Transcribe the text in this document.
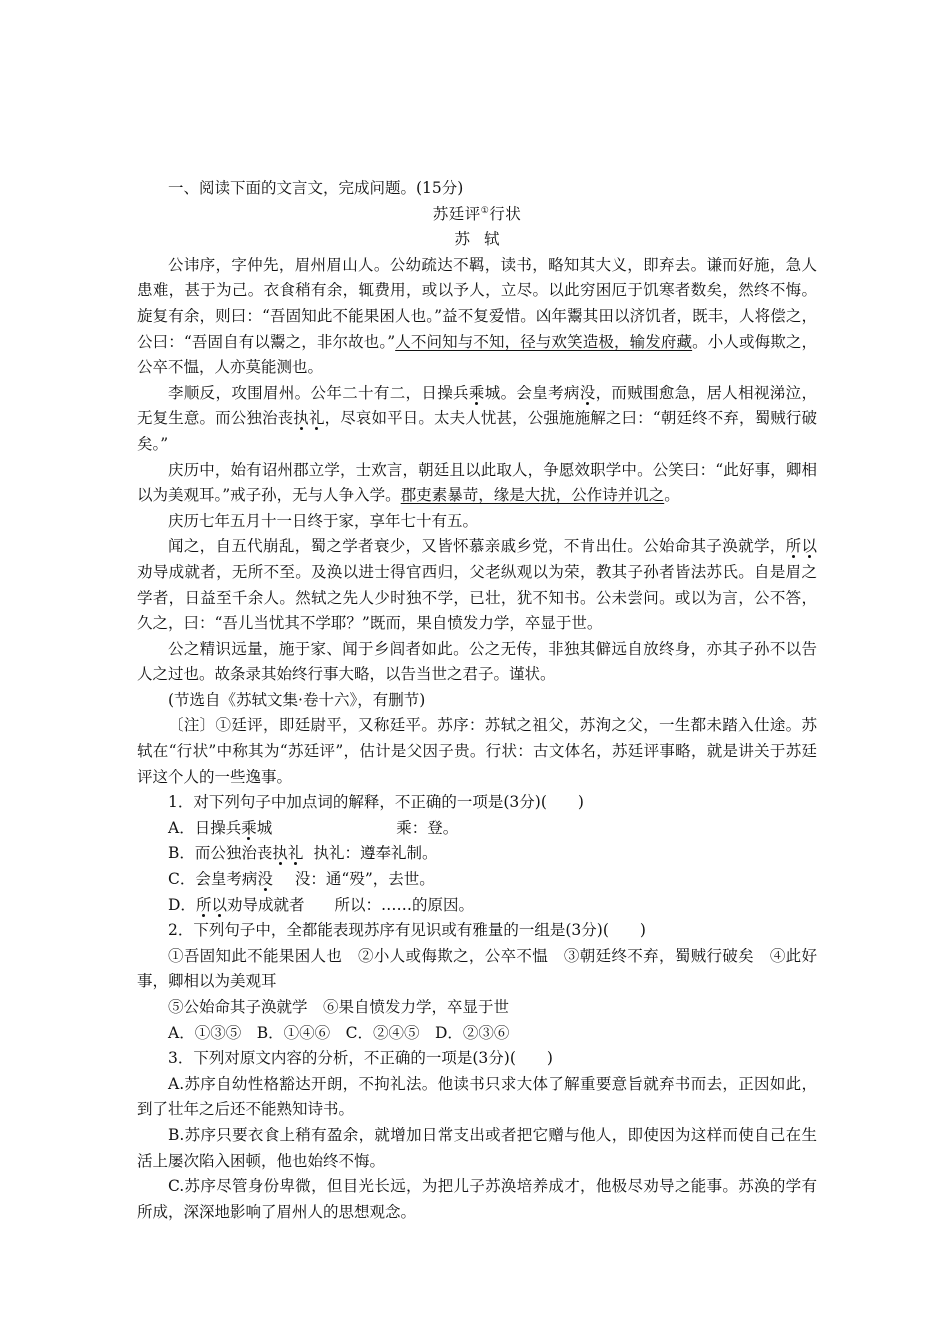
一、阅读下面的文言文，完成问题。(15分)

苏廷评①行状

苏轼

公讳序，字仲先，眉州眉山人。公幼疏达不羁，读书，略知其大义，即弃去。谦而好施，急人患难，甚于为己。衣食稍有余，辄费用，或以予人，立尽。以此穷困厄于饥寒者数矣，然终不悔。旋复有余，则曰：“吾固知此不能果困人也。”益不复爱惜。凶年鬻其田以济饥者，既丰，人将偿之，公曰：“吾固自有以鬻之，非尔故也。”人不问知与不知，径与欢笑造极，输发府藏。小人或侮欺之，公卒不愠，人亦莫能测也。

李顺反，攻围眉州。公年二十有二，日操兵乘城。会皇考病没，而贼围愈急，居人相视涕泣，无复生意。而公独治丧执礼，尽哀如平日。太夫人忧甚，公强施施解之曰：“朝廷终不弃，蜀贼行破矣。”

庆历中，始有诏州郡立学，士欢言，朝廷且以此取人，争愿效职学中。公笑曰：“此好事，卿相以为美观耳。”戒子孙，无与人争入学。郡吏素暴苛，缘是大扰，公作诗并讥之。

庆历七年五月十一日终于家，享年七十有五。

闻之，自五代崩乱，蜀之学者衰少，又皆怀慕亲戚乡党，不肯出仕。公始命其子涣就学，所以劝导成就者，无所不至。及涣以进士得官西归，父老纵观以为荣，教其子孙者皆法苏氏。自是眉之学者，日益至千余人。然轼之先人少时独不学，已壮，犹不知书。公未尝问。或以为言，公不答，久之，曰：“吾儿当忧其不学耶？”既而，果自愤发力学，卒显于世。

公之精识远量，施于家、闻于乡闾者如此。公之无传，非独其僻远自放终身，亦其子孙不以告人之过也。故条录其始终行事大略，以告当世之君子。谨状。

(节选自《苏轼文集·卷十六》，有删节)

〔注〕①廷评，即廷尉平，又称廷平。苏序：苏轼之祖父，苏洵之父，一生都未踏入仕途。苏轼在“行状”中称其为“苏廷评”，估计是父因子贵。行状：古文体名，苏廷评事略，就是讲关于苏廷评这个人的一些逸事。

1．对下列句子中加点词的解释，不正确的一项是(3分)(　　)

A．日操兵乘城	乘：登。

B．而公独治丧执礼 执礼：遵奉礼制。

C．会皇考病没 没：通“殁”，去世。

D．所以劝导成就者 所以：……的原因。

2．下列句子中，全都能表现苏序有见识或有雅量的一组是(3分)(　　)

①吾固知此不能果困人也　②小人或侮欺之，公卒不愠　③朝廷终不弃，蜀贼行破矣　④此好事，卿相以为美观耳

⑤公始命其子涣就学　⑥果自愤发力学，卒显于世

A．①③⑤　B．①④⑥　C．②④⑤　D．②③⑥

3．下列对原文内容的分析，不正确的一项是(3分)(　　)

A.苏序自幼性格豁达开朗，不拘礼法。他读书只求大体了解重要意旨就弃书而去，正因如此，到了壮年之后还不能熟知诗书。

B.苏序只要衣食上稍有盈余，就增加日常支出或者把它赠与他人，即使因为这样而使自己在生活上屡次陷入困顿，他也始终不悔。

C.苏序尽管身份卑微，但目光长远，为把儿子苏涣培养成才，他极尽劝导之能事。苏涣的学有所成，深深地影响了眉州人的思想观念。
